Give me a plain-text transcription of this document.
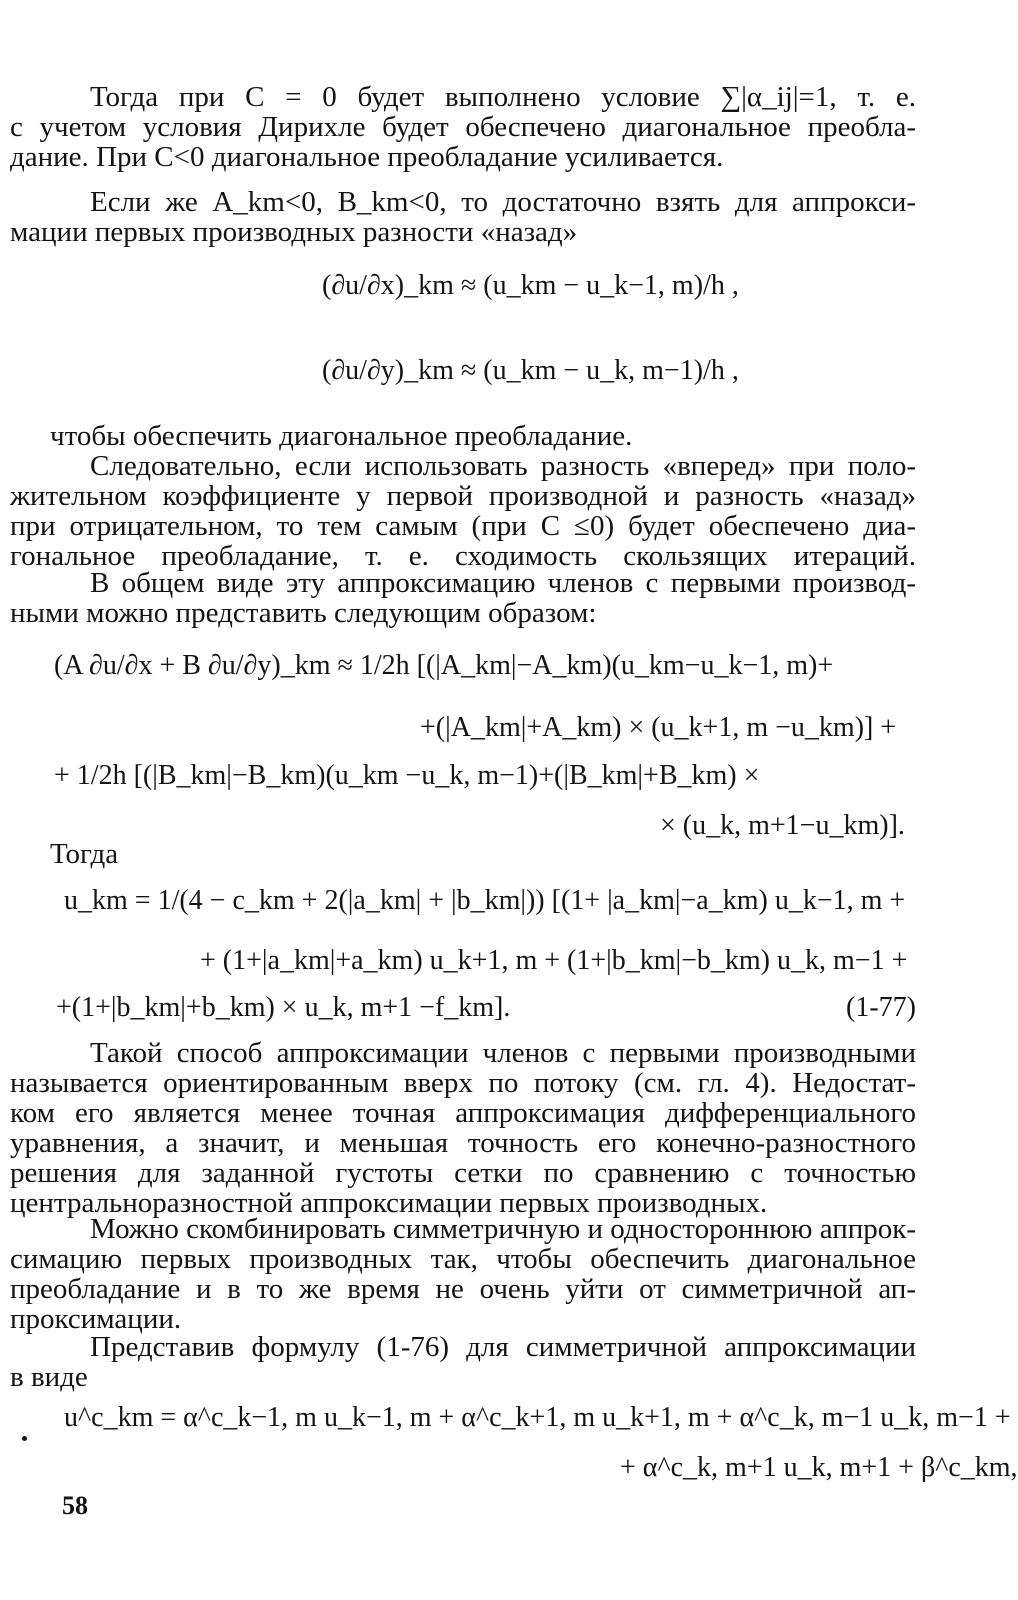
Тогда при C = 0 будет выполнено условие ∑|α_ij|=1, т. е.
с учетом условия Дирихле будет обеспечено диагональное преобла-
дание. При C<0 диагональное преобладание усиливается.
Если же A_km<0, B_km<0, то достаточно взять для аппрокси-
мации первых производных разности «назад»
(∂u/∂x)_km ≈ (u_km − u_k−1, m)/h ,
(∂u/∂y)_km ≈ (u_km − u_k, m−1)/h ,
чтобы обеспечить диагональное преобладание.
Следовательно, если использовать разность «вперед» при поло-
жительном коэффициенте у первой производной и разность «назад»
при отрицательном, то тем самым (при C ≤0) будет обеспечено диа-
гональное преобладание, т. е. сходимость скользящих итераций.
В общем виде эту аппроксимацию членов с первыми производ-
ными можно представить следующим образом:
(A ∂u/∂x + B ∂u/∂y)_km ≈ 1/2h [(|A_km|−A_km)(u_km−u_k−1, m)+
+(|A_km|+A_km) × (u_k+1, m −u_km)] +
+ 1/2h [(|B_km|−B_km)(u_km −u_k, m−1)+(|B_km|+B_km) ×
× (u_k, m+1−u_km)].
Тогда
u_km = 1/(4 − c_km + 2(|a_km| + |b_km|)) [(1+ |a_km|−a_km) u_k−1, m +
+ (1+|a_km|+a_km) u_k+1, m + (1+|b_km|−b_km) u_k, m−1 +
+(1+|b_km|+b_km) × u_k, m+1 −f_km].	(1-77)
Такой способ аппроксимации членов с первыми производными
называется ориентированным вверх по потоку (см. гл. 4). Недостат-
ком его является менее точная аппроксимация дифференциального
уравнения, а значит, и меньшая точность его конечно-разностного
решения для заданной густоты сетки по сравнению с точностью
центральноразностной аппроксимации первых производных.
Можно скомбинировать симметричную и одностороннюю аппрок-
симацию первых производных так, чтобы обеспечить диагональное
преобладание и в то же время не очень уйти от симметричной ап-
проксимации.
Представив формулу (1-76) для симметричной аппроксимации
в виде
u^c_km = α^c_k−1, m u_k−1, m + α^c_k+1, m u_k+1, m + α^c_k, m−1 u_k, m−1 +
+ α^c_k, m+1 u_k, m+1 + β^c_km,
58
